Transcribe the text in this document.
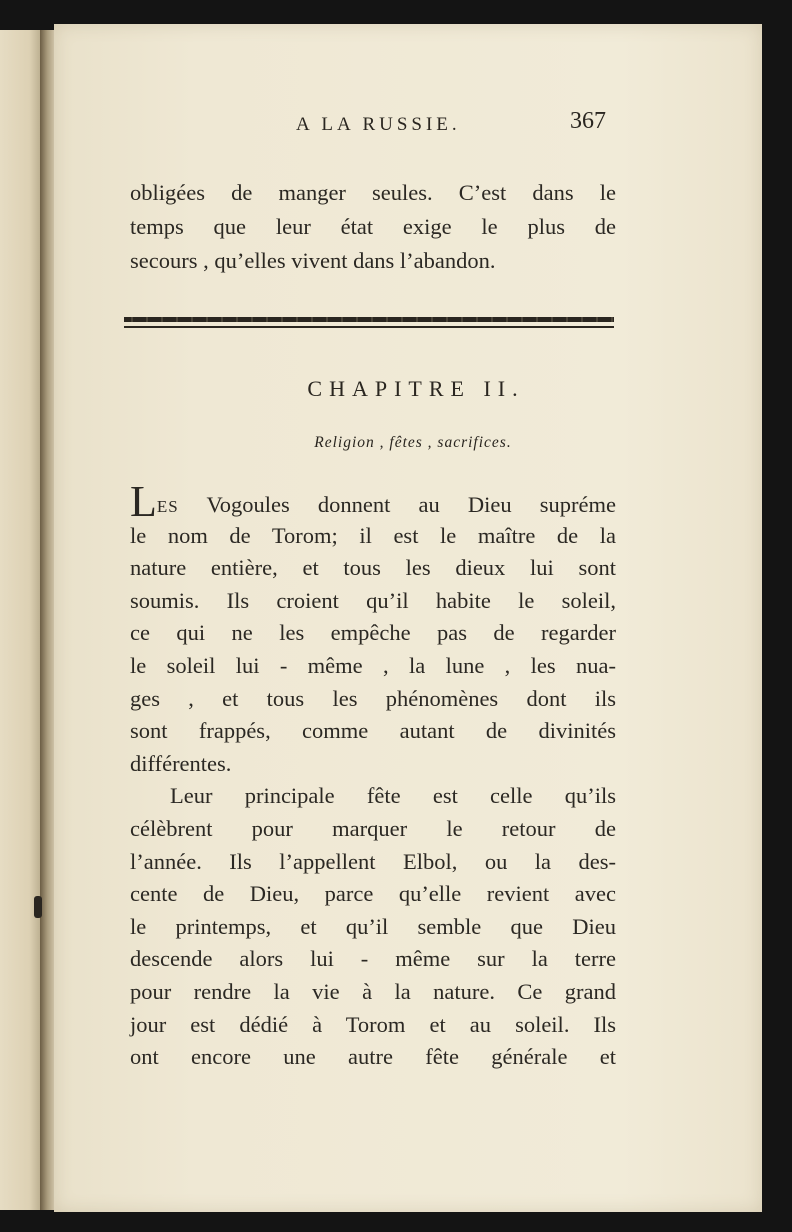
A LA RUSSIE.	367
obligées de manger seules. C’est dans le
temps que leur état exige le plus de
secours , qu’elles vivent dans l’abandon.
CHAPITRE II.
Religion , fêtes , sacrifices.
LES Vogoules donnent au Dieu supréme
le nom de Torom; il est le maître de la
nature entière, et tous les dieux lui sont
soumis. Ils croient qu’il habite le soleil,
ce qui ne les empêche pas de regarder
le soleil lui - même , la lune , les nua-
ges , et tous les phénomènes dont ils
sont frappés, comme autant de divinités
différentes.
Leur principale fête est celle qu’ils
célèbrent pour marquer le retour de
l’année. Ils l’appellent Elbol, ou la des-
cente de Dieu, parce qu’elle revient avec
le printemps, et qu’il semble que Dieu
descende alors lui - même sur la terre
pour rendre la vie à la nature. Ce grand
jour est dédié à Torom et au soleil. Ils
ont encore une autre fête générale et
